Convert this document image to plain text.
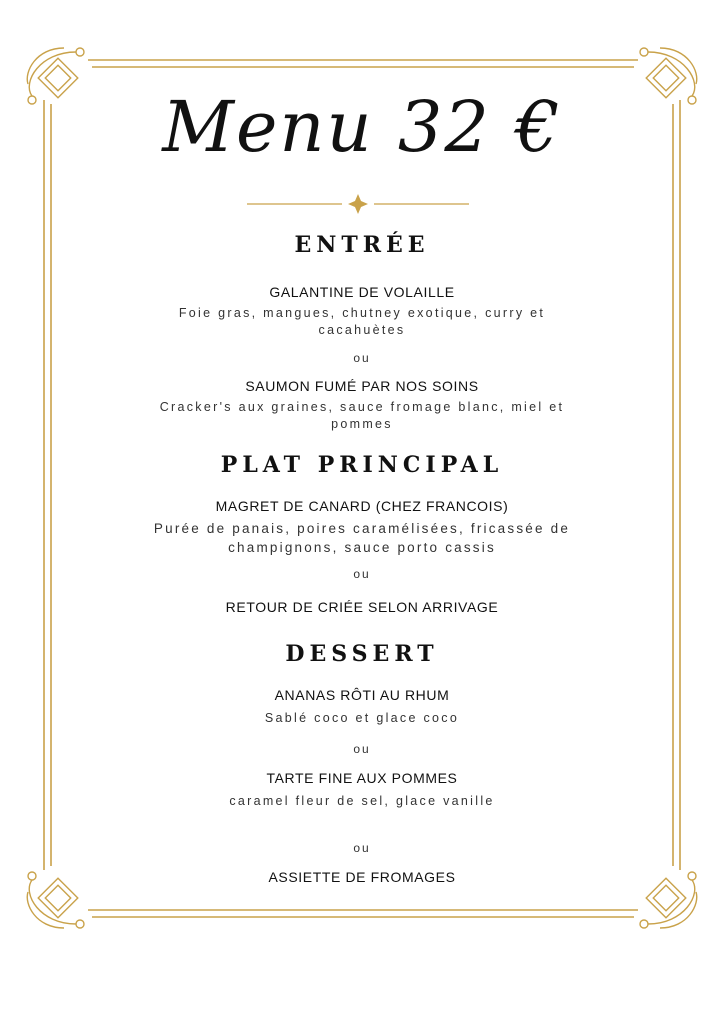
Menu 32 €
ENTRÉE
GALANTINE DE VOLAILLE
Foie gras, mangues, chutney exotique, curry et cacahuètes
ou
SAUMON FUMÉ PAR NOS SOINS
Cracker's aux graines, sauce fromage blanc, miel et pommes
PLAT PRINCIPAL
MAGRET DE CANARD (CHEZ FRANCOIS)
Purée de panais, poires caramélisées, fricassée de champignons, sauce porto cassis
ou
RETOUR DE CRIÉE SELON ARRIVAGE
DESSERT
ANANAS RÔTI AU RHUM
Sablé coco et glace coco
ou
TARTE FINE AUX POMMES
caramel fleur de sel, glace vanille
ou
ASSIETTE DE FROMAGES
